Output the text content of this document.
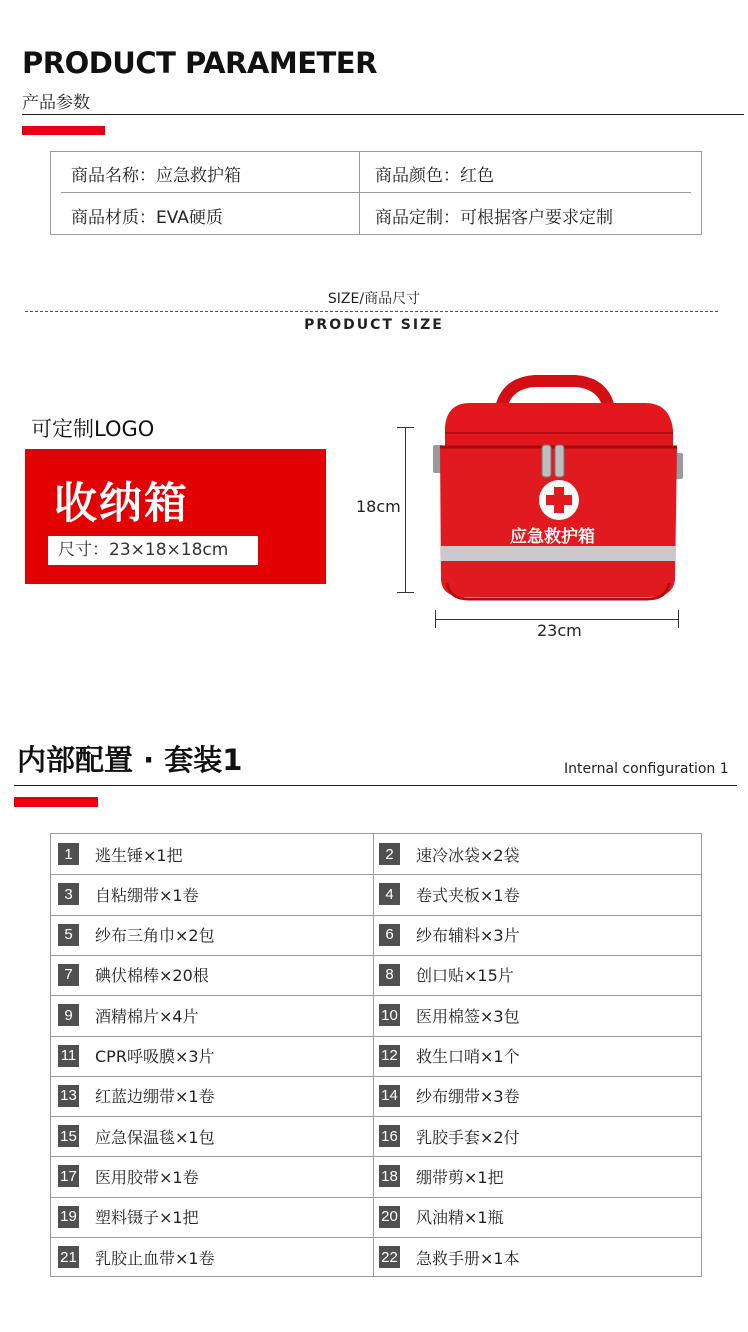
PRODUCT PARAMETER
产品参数
商品名称：应急救护箱	商品颜色：红色
商品材质：EVA硬质	商品定制：可根据客户要求定制
SIZE/商品尺寸
PRODUCT SIZE
可定制LOGO
收纳箱
尺寸：23×18×18cm
18cm
23cm
应急救护箱
内部配置 · 套装1	Internal configuration 1
1	逃生锤×1把	2	速冷冰袋×2袋
3	自粘绷带×1卷	4	卷式夹板×1卷
5	纱布三角巾×2包	6	纱布辅料×3片
7	碘伏棉棒×20根	8	创口贴×15片
9	酒精棉片×4片	10 医用棉签×3包
11 CPR呼吸膜×3片	12 救生口哨×1个
13 红蓝边绷带×1卷	14 纱布绷带×3卷
15 应急保温毯×1包	16 乳胶手套×2付
17 医用胶带×1卷	18 绷带剪×1把
19 塑料镊子×1把	20 风油精×1瓶
21 乳胶止血带×1卷	22 急救手册×1本
